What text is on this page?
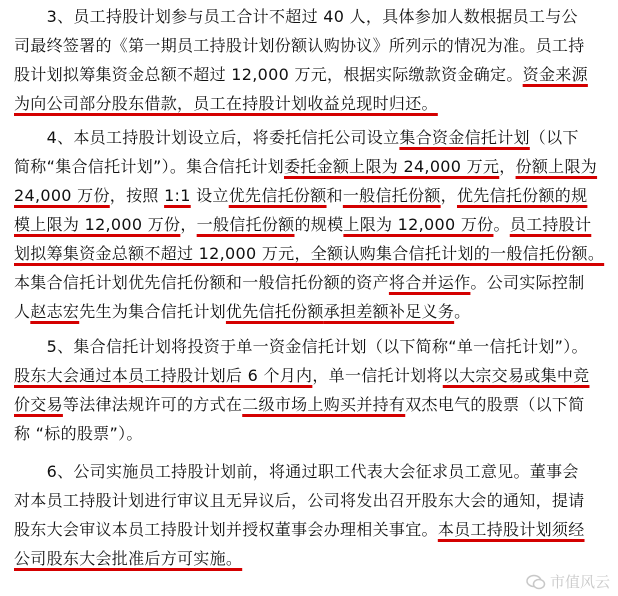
　　3、员工持股计划参与员工合计不超过 40 人，具体参加人数根据员工与公
司最终签署的《第一期员工持股计划份额认购协议》所列示的情况为准。员工持
股计划拟筹集资金总额不超过 12,000 万元，根据实际缴款资金确定。资金来源
为向公司部分股东借款，员工在持股计划收益兑现时归还。
　　4、本员工持股计划设立后，将委托信托公司设立集合资金信托计划（以下
简称“集合信托计划”）。集合信托计划委托金额上限为 24,000 万元，份额上限为
24,000 万份，按照 1:1 设立优先信托份额和一般信托份额，优先信托份额的规
模上限为 12,000 万份，一般信托份额的规模上限为 12,000 万份。员工持股计
划拟筹集资金总额不超过 12,000 万元，全额认购集合信托计划的一般信托份额。
本集合信托计划优先信托份额和一般信托份额的资产将合并运作。公司实际控制
人赵志宏先生为集合信托计划优先信托份额承担差额补足义务。
　　5、集合信托计划将投资于单一资金信托计划（以下简称“单一信托计划”）。
股东大会通过本员工持股计划后 6 个月内，单一信托计划将以大宗交易或集中竞
价交易等法律法规许可的方式在二级市场上购买并持有双杰电气的股票（以下简
称 “标的股票”）。
　　6、公司实施员工持股计划前，将通过职工代表大会征求员工意见。董事会
对本员工持股计划进行审议且无异议后，公司将发出召开股东大会的通知，提请
股东大会审议本员工持股计划并授权董事会办理相关事宜。本员工持股计划须经
公司股东大会批准后方可实施。
市值风云
